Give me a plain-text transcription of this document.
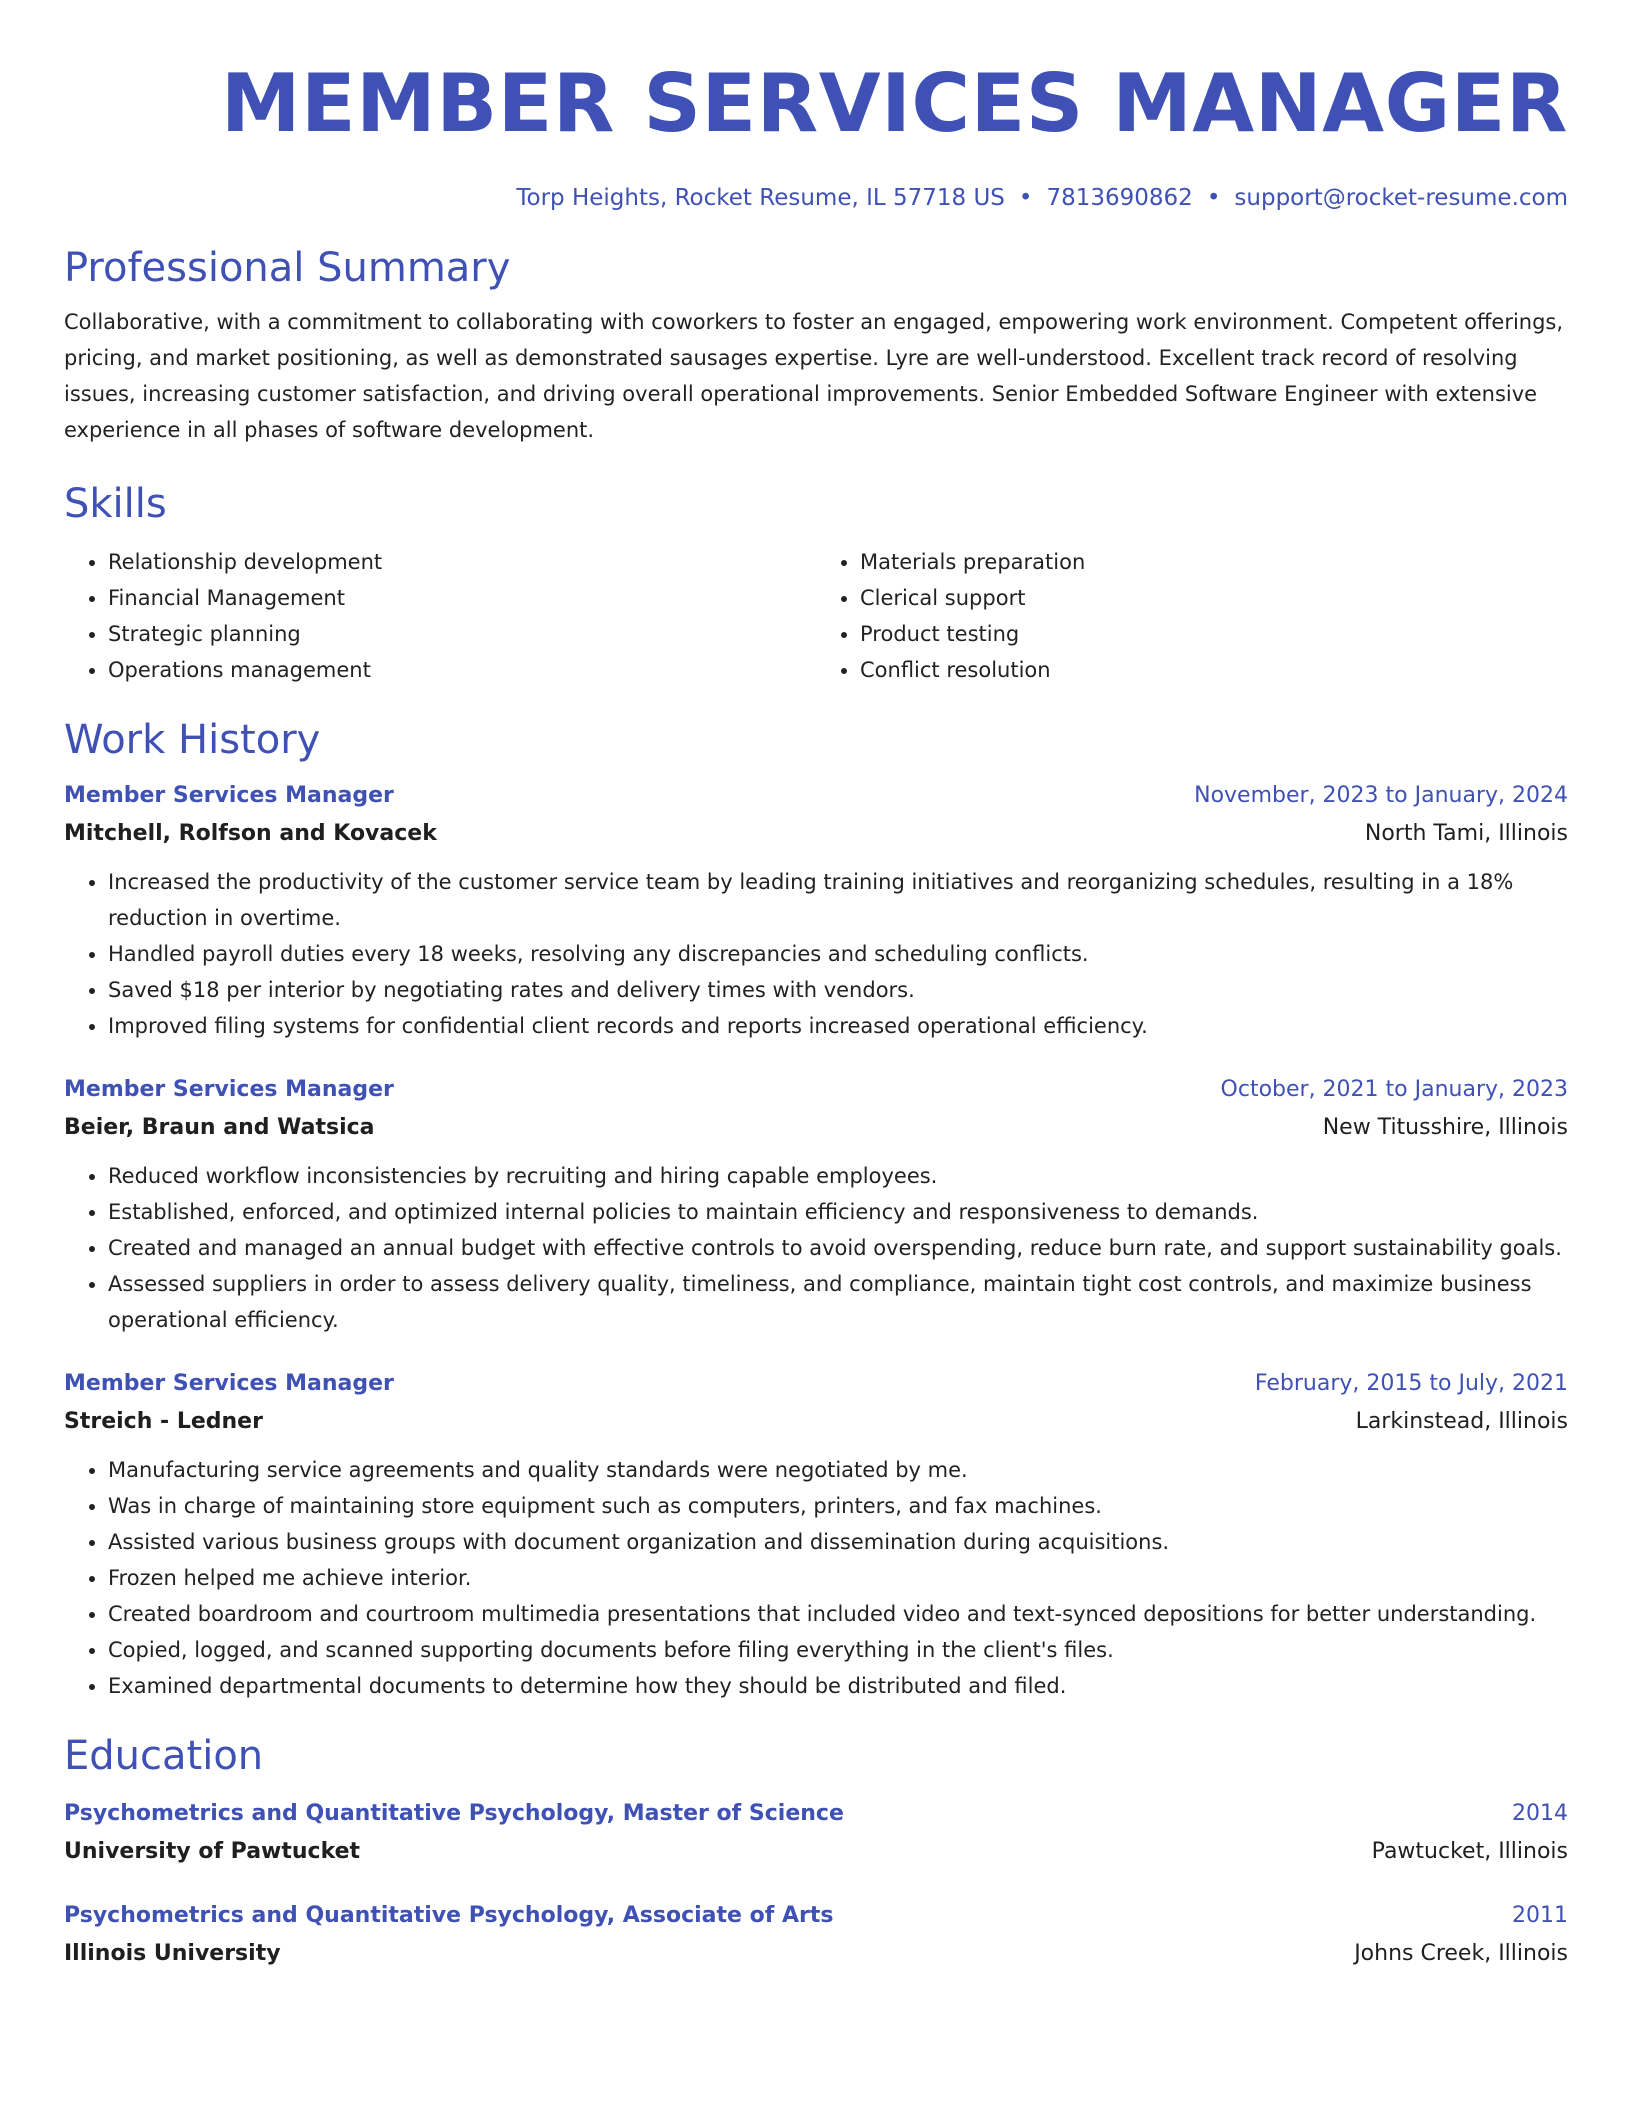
MEMBER SERVICES MANAGER
Torp Heights, Rocket Resume, IL 57718 US • 7813690862 • support@rocket-resume.com
Professional Summary

Collaborative, with a commitment to collaborating with coworkers to foster an engaged, empowering work environment. Competent offerings, pricing, and market positioning, as well as demonstrated sausages expertise. Lyre are well-understood. Excellent track record of resolving issues, increasing customer satisfaction, and driving overall operational improvements. Senior Embedded Software Engineer with extensive experience in all phases of software development.

Skills
• Relationship development
• Financial Management
• Strategic planning
• Operations management
• Materials preparation
• Clerical support
• Product testing
• Conflict resolution
Work History
Member Services Manager	November, 2023 to January, 2024
Mitchell, Rolfson and Kovacek	North Tami, Illinois
• Increased the productivity of the customer service team by leading training initiatives and reorganizing schedules, resulting in a 18% reduction in overtime.
• Handled payroll duties every 18 weeks, resolving any discrepancies and scheduling conflicts.
• Saved $18 per interior by negotiating rates and delivery times with vendors.
• Improved filing systems for confidential client records and reports increased operational efficiency.
Member Services Manager	October, 2021 to January, 2023
Beier, Braun and Watsica	New Titusshire, Illinois
• Reduced workflow inconsistencies by recruiting and hiring capable employees.
• Established, enforced, and optimized internal policies to maintain efficiency and responsiveness to demands.
• Created and managed an annual budget with effective controls to avoid overspending, reduce burn rate, and support sustainability goals.
• Assessed suppliers in order to assess delivery quality, timeliness, and compliance, maintain tight cost controls, and maximize business operational efficiency.
Member Services Manager	February, 2015 to July, 2021
Streich - Ledner	Larkinstead, Illinois
• Manufacturing service agreements and quality standards were negotiated by me.
• Was in charge of maintaining store equipment such as computers, printers, and fax machines.
• Assisted various business groups with document organization and dissemination during acquisitions.
• Frozen helped me achieve interior.
• Created boardroom and courtroom multimedia presentations that included video and text-synced depositions for better understanding.
• Copied, logged, and scanned supporting documents before filing everything in the client's files.
• Examined departmental documents to determine how they should be distributed and filed.
Education
Psychometrics and Quantitative Psychology, Master of Science	2014
University of Pawtucket	Pawtucket, Illinois
Psychometrics and Quantitative Psychology, Associate of Arts	2011
Illinois University	Johns Creek, Illinois
